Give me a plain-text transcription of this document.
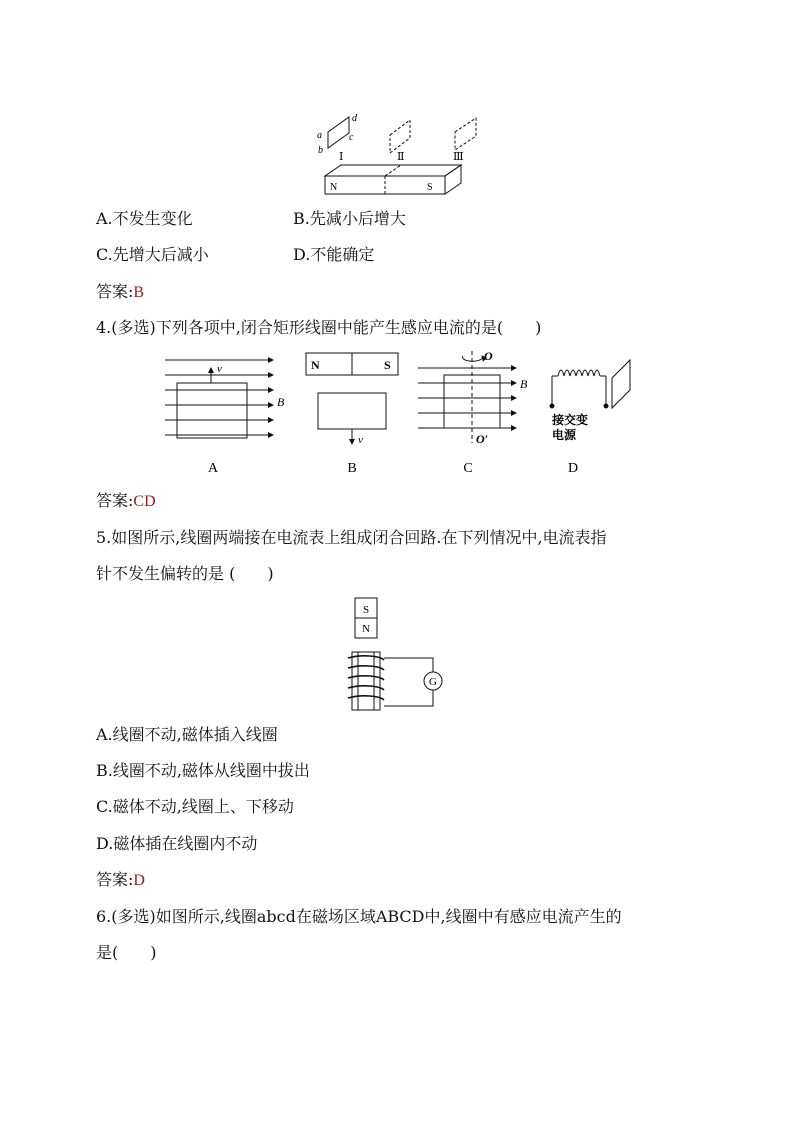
a
b
c
d
Ⅰ	Ⅱ	Ⅲ
N	S
A.不发生变化	B.先减小后增大
C.先增大后减小	D.不能确定
答案:B
4.(多选)下列各项中,闭合矩形线圈中能产生感应电流的是(　　)
v
B
A
N	S
v
B
O
O′
B
C
接交变
电源
D
答案:CD
5.如图所示,线圈两端接在电流表上组成闭合回路.在下列情况中,电流表指
针不发生偏转的是 (　　)
S
N
G
A.线圈不动,磁体插入线圈
B.线圈不动,磁体从线圈中拔出
C.磁体不动,线圈上、下移动
D.磁体插在线圈内不动
答案:D
6.(多选)如图所示,线圈abcd在磁场区域ABCD中,线圈中有感应电流产生的
是(　　)
